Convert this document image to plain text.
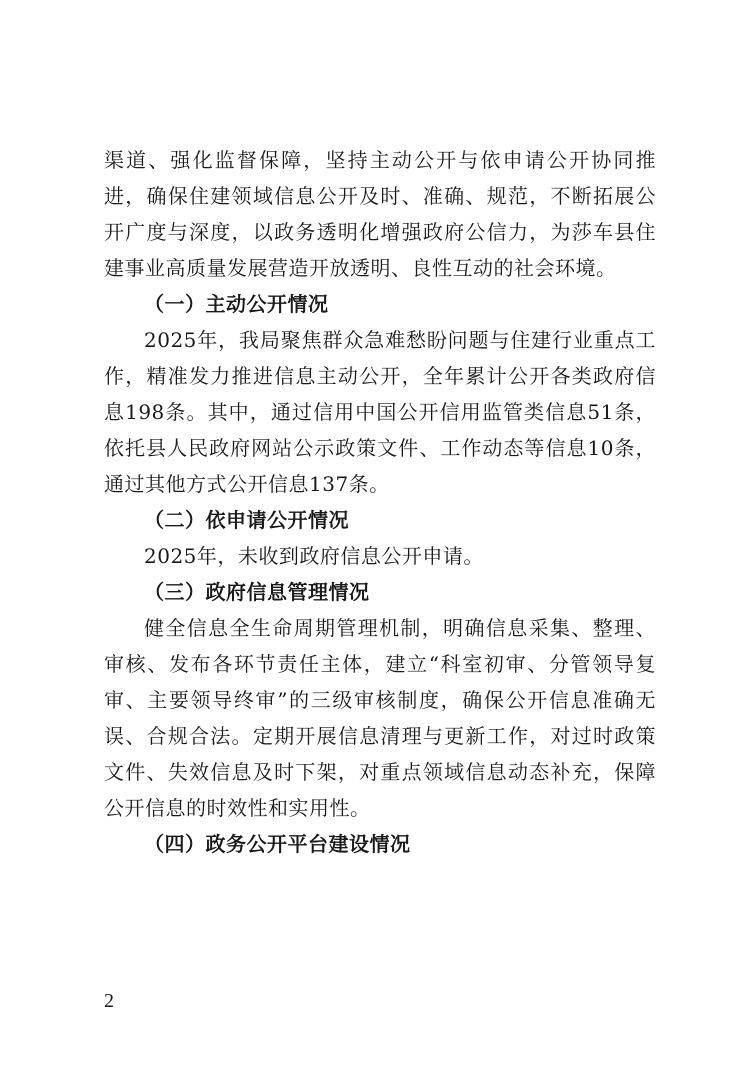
渠道、强化监督保障，坚持主动公开与依申请公开协同推进，确保住建领域信息公开及时、准确、规范，不断拓展公开广度与深度，以政务透明化增强政府公信力，为莎车县住建事业高质量发展营造开放透明、良性互动的社会环境。

（一）主动公开情况

2025年，我局聚焦群众急难愁盼问题与住建行业重点工作，精准发力推进信息主动公开，全年累计公开各类政府信息198条。其中，通过信用中国公开信用监管类信息51条，依托县人民政府网站公示政策文件、工作动态等信息10条，通过其他方式公开信息137条。

（二）依申请公开情况

2025年，未收到政府信息公开申请。

（三）政府信息管理情况

健全信息全生命周期管理机制，明确信息采集、整理、审核、发布各环节责任主体，建立“科室初审、分管领导复审、主要领导终审”的三级审核制度，确保公开信息准确无误、合规合法。定期开展信息清理与更新工作，对过时政策文件、失效信息及时下架，对重点领域信息动态补充，保障公开信息的时效性和实用性。

（四）政务公开平台建设情况

2
